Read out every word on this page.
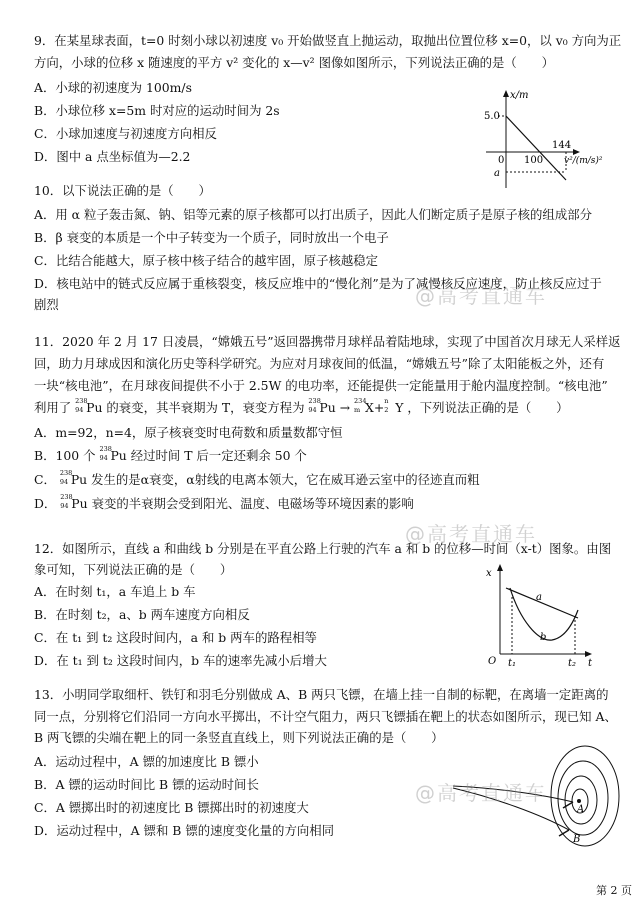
9．在某星球表面，t=0 时刻小球以初速度 v₀ 开始做竖直上抛运动，取抛出位置位移 x=0，以 v₀ 方向为正
方向，小球的位移 x 随速度的平方 v² 变化的 x—v² 图像如图所示，下列说法正确的是（　　）
A．小球的初速度为 100m/s
B．小球位移 x=5m 时对应的运动时间为 2s
C．小球加速度与初速度方向相反
D．图中 a 点坐标值为—2.2
x/m
5.0
0 100
144
v²/(m/s)²
a
10．以下说法正确的是（　　）
A．用 α 粒子轰击氮、钠、铝等元素的原子核都可以打出质子，因此人们断定质子是原子核的组成部分
B．β 衰变的本质是一个中子转变为一个质子，同时放出一个电子
C．比结合能越大，原子核中核子结合的越牢固，原子核越稳定
D．核电站中的链式反应属于重核裂变，核反应堆中的“慢化剂”是为了减慢核反应速度，防止核反应过于
剧烈
11．2020 年 2 月 17 日凌晨，“嫦娥五号”返回器携带月球样品着陆地球，实现了中国首次月球无人采样返
回，助力月球成因和演化历史等科学研究。为应对月球夜间的低温，“嫦娥五号”除了太阳能板之外，还有
一块“核电池”，在月球夜间提供不小于 2.5W 的电功率，还能提供一定能量用于舱内温度控制。“核电池”
利用了 238
94 Pu 的衰变，其半衰期为 T，衰变方程为 238
94 Pu → 234
m X+ n
2 Y ，下列说法正确的是（　　）
A．m=92，n=4，原子核衰变时电荷数和质量数都守恒
B．100 个 238
94 Pu 经过时间 T 后一定还剩余 50 个
C． 238
94 Pu 发生的是α衰变，α射线的电离本领大，它在威耳逊云室中的径迹直而粗
D． 238
94 Pu 衰变的半衰期会受到阳光、温度、电磁场等环境因素的影响
12．如图所示，直线 a 和曲线 b 分别是在平直公路上行驶的汽车 a 和 b 的位移—时间（x-t）图象。由图
象可知，下列说法正确的是（　　）
A．在时刻 t₁，a 车追上 b 车
B．在时刻 t₂，a、b 两车速度方向相反
C．在 t₁ 到 t₂ 这段时间内，a 和 b 两车的路程相等
D．在 t₁ 到 t₂ 这段时间内，b 车的速率先减小后增大
x
O t₁	t₂ t
a
b
13．小明同学取细杆、铁钉和羽毛分别做成 A、B 两只飞镖，在墙上挂一自制的标靶，在离墙一定距离的
同一点，分别将它们沿同一方向水平掷出，不计空气阻力，两只飞镖插在靶上的状态如图所示，现已知 A、
B 两飞镖的尖端在靶上的同一条竖直直线上，则下列说法正确的是（　　）
A．运动过程中，A 镖的加速度比 B 镖小
B．A 镖的运动时间比 B 镖的运动时间长
C．A 镖掷出时的初速度比 B 镖掷出时的初速度大
D．运动过程中，A 镖和 B 镖的速度变化量的方向相同
A
B
@高考直通车
@高考直通车
@高考直通车
第 2 页
